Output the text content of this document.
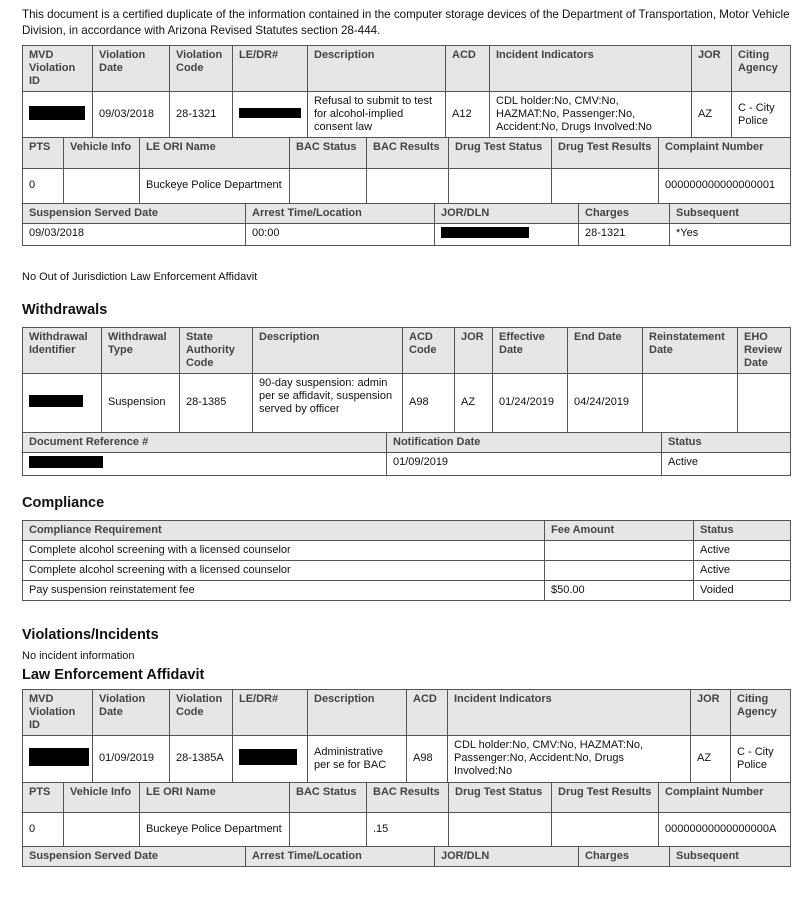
This document is a certified duplicate of the information contained in the computer storage devices of the Department of Transportation, Motor Vehicle Division, in accordance with Arizona Revised Statutes section 28-444.

MVD Violation ID	Violation Date	Violation Code	LE/DR#	Description	ACD	Incident Indicators	JOR	Citing Agency
	09/03/2018	28-1321		Refusal to submit to test for alcohol-implied consent law	A12	CDL holder:No, CMV:No, HAZMAT:No, Passenger:No, Accident:No, Drugs Involved:No	AZ	C - City Police
PTS	Vehicle Info	LE ORI Name	BAC Status	BAC Results	Drug Test Status	Drug Test Results	Complaint Number
0		Buckeye Police Department					000000000000000001
Suspension Served Date	Arrest Time/Location	JOR/DLN	Charges	Subsequent
09/03/2018	00:00		28-1321	*Yes

No Out of Jurisdiction Law Enforcement Affidavit

Withdrawals
Withdrawal Identifier	Withdrawal Type	State Authority Code	Description	ACD Code	JOR	Effective Date	End Date	Reinstatement Date	EHO Review Date
	Suspension	28-1385	90-day suspension: admin per se affidavit, suspension served by officer	A98	AZ	01/24/2019	04/24/2019		
Document Reference #	Notification Date	Status
	01/09/2019	Active
Compliance
Compliance Requirement	Fee Amount	Status
Complete alcohol screening with a licensed counselor		Active
Complete alcohol screening with a licensed counselor		Active
Pay suspension reinstatement fee	$50.00	Voided
Violations/Incidents

No incident information

Law Enforcement Affidavit
MVD Violation ID	Violation Date	Violation Code	LE/DR#	Description	ACD	Incident Indicators	JOR	Citing Agency
	01/09/2019	28-1385A		Administrative per se for BAC	A98	CDL holder:No, CMV:No, HAZMAT:No, Passenger:No, Accident:No, Drugs Involved:No	AZ	C - City Police
PTS	Vehicle Info	LE ORI Name	BAC Status	BAC Results	Drug Test Status	Drug Test Results	Complaint Number
0		Buckeye Police Department		.15			00000000000000000A
Suspension Served Date	Arrest Time/Location	JOR/DLN	Charges	Subsequent
